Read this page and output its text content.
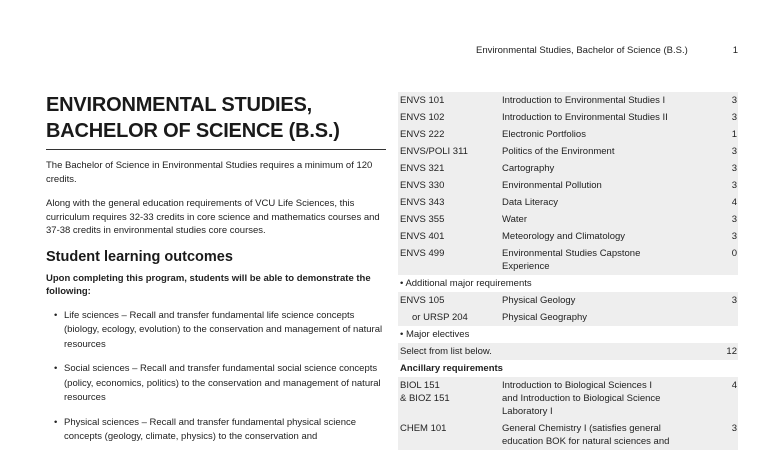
Environmental Studies, Bachelor of Science (B.S.)	1
ENVIRONMENTAL STUDIES,
BACHELOR OF SCIENCE (B.S.)

The Bachelor of Science in Environmental Studies requires a minimum of 120 credits.

Along with the general education requirements of VCU Life Sciences, this curriculum requires 32-33 credits in core science and mathematics courses and 37-38 credits in environmental studies core courses.

Student learning outcomes

Upon completing this program, students will be able to demonstrate the following:

• Life sciences – Recall and transfer fundamental life science concepts (biology, ecology, evolution) to the conservation and management of natural resources
• Social sciences – Recall and transfer fundamental social science concepts (policy, economics, politics) to the conservation and management of natural resources
• Physical sciences – Recall and transfer fundamental physical science concepts (geology, climate, physics) to the conservation and
ENVS 101	Introduction to Environmental Studies I	3
ENVS 102	Introduction to Environmental Studies II	3
ENVS 222	Electronic Portfolios	1
ENVS/POLI 311	Politics of the Environment	3
ENVS 321	Cartography	3
ENVS 330	Environmental Pollution	3
ENVS 343	Data Literacy	4
ENVS 355	Water	3
ENVS 401	Meteorology and Climatology	3
ENVS 499	Environmental Studies Capstone
Experience	0
• Additional major requirements		
ENVS 105	Physical Geology	3
or URSP 204	Physical Geography	
• Major electives		
Select from list below.		12
Ancillary requirements		

BIOL 151
& BIOZ 151	Introduction to Biological Sciences I
and Introduction to Biological Science
Laboratory I	4
CHEM 101	General Chemistry I (satisfies general
education BOK for natural sciences and	3
